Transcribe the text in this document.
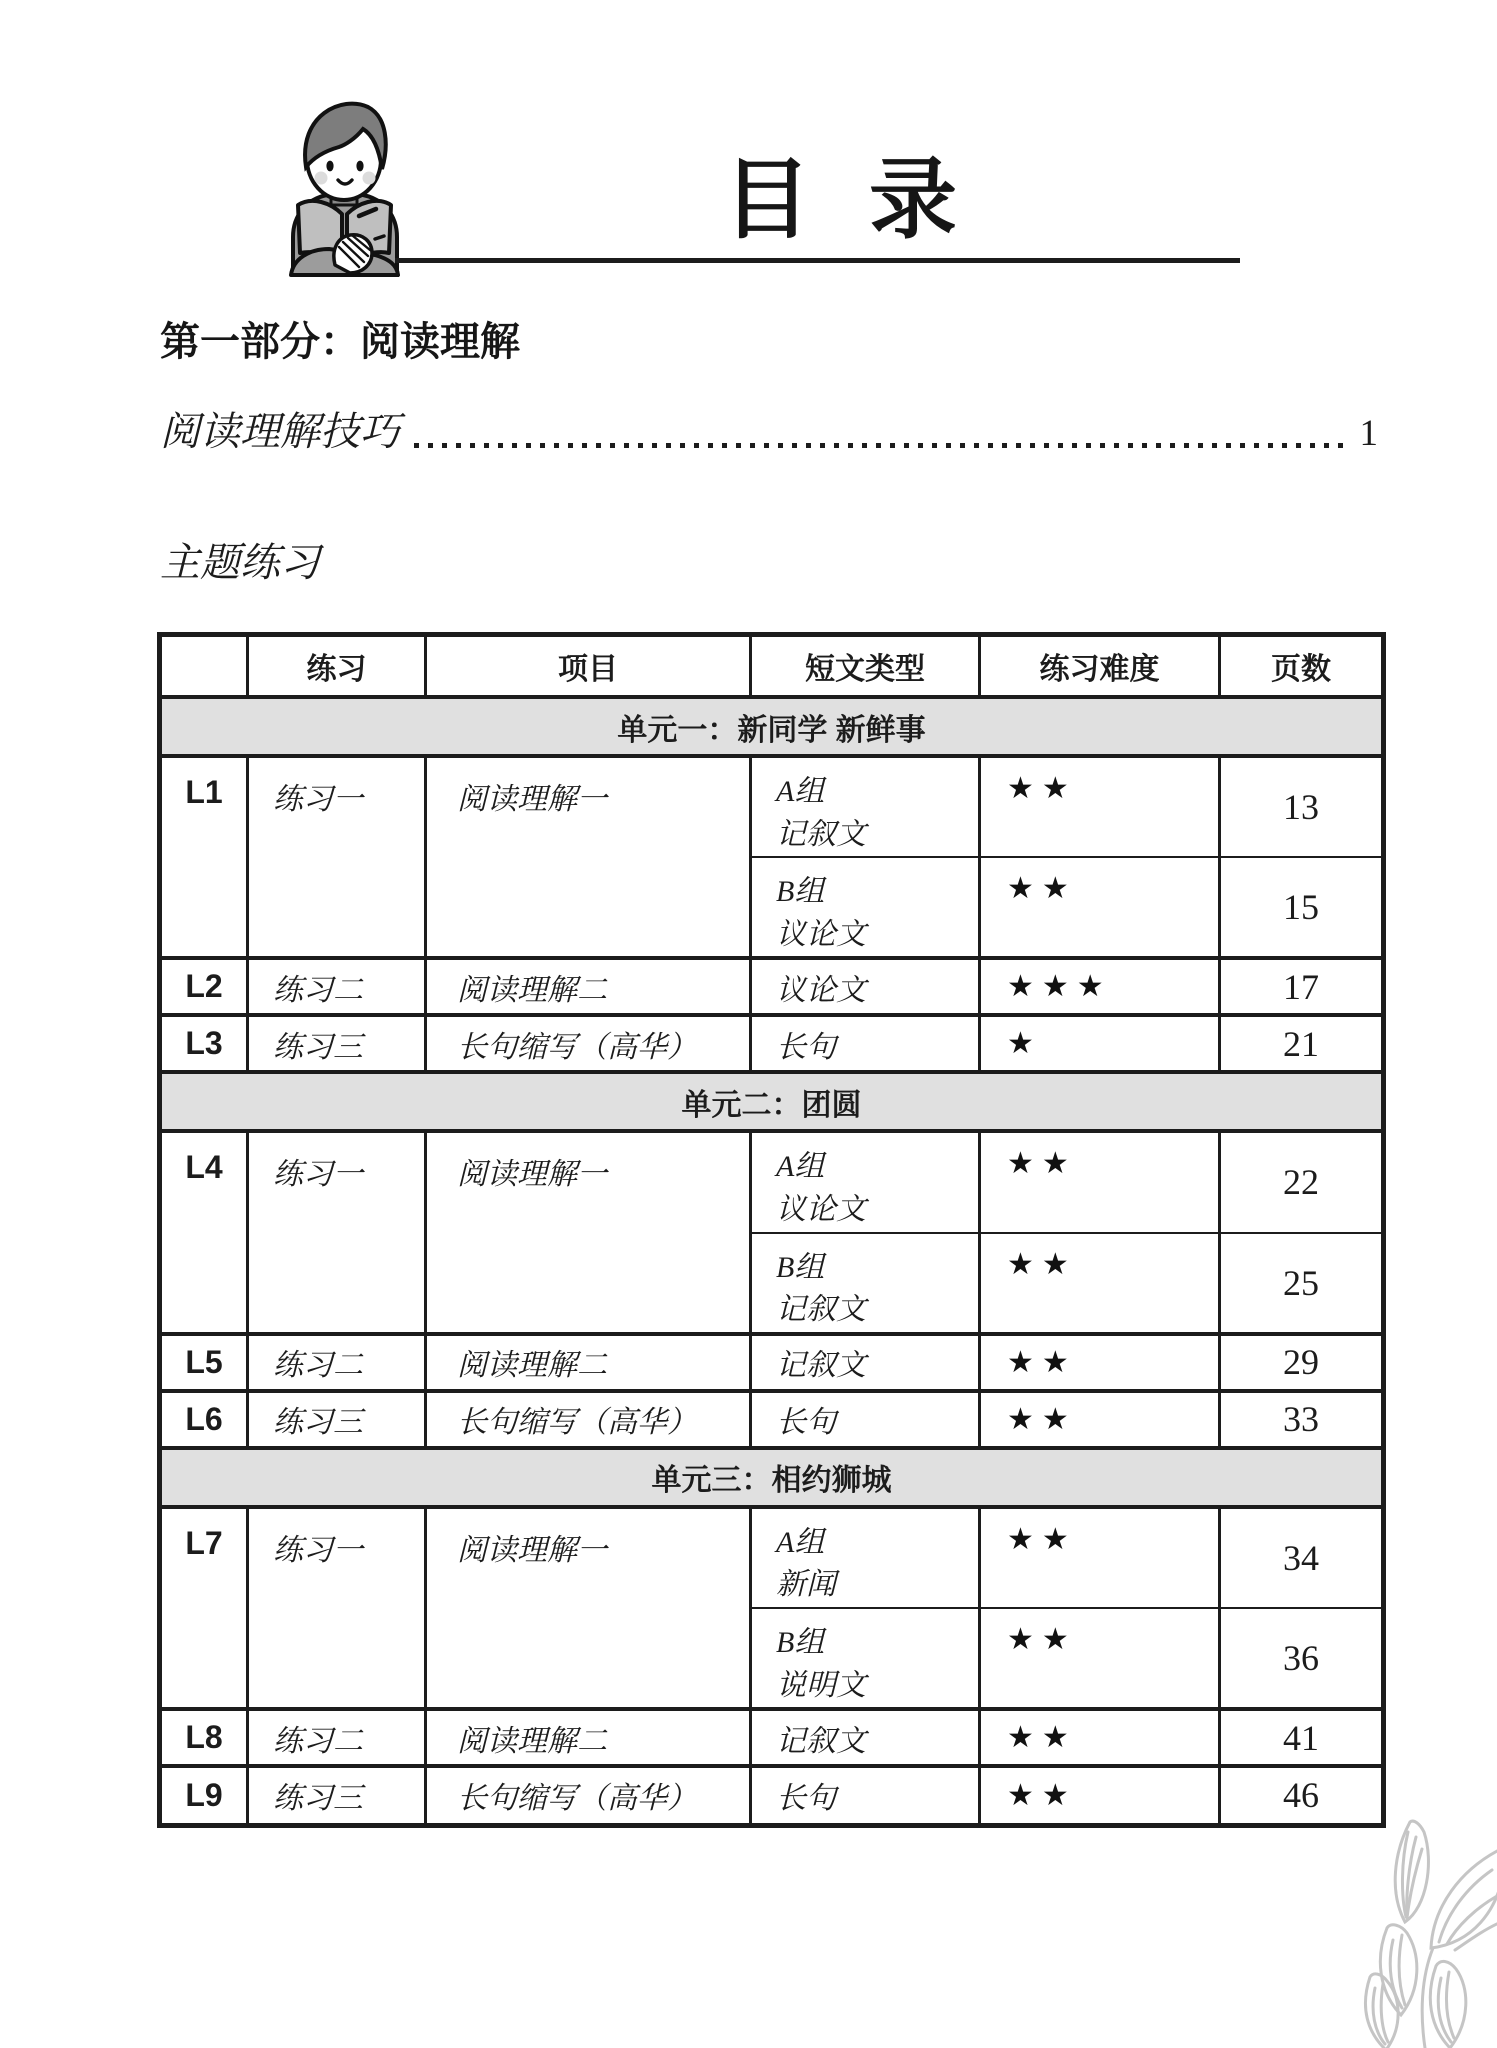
目 录
第一部分：阅读理解
阅读理解技巧	1
主题练习
	练习	项目	短文类型	练习难度	页数
单元一：新同学 新鲜事					
L1	练习一	阅读理解一	A组
记叙文	★★	13

			B组
议论文	★★	15
L2	练习二	阅读理解二	议论文	★★★	17
L3	练习三	长句缩写（高华）	长句	★	21
单元二：团圆					
L4	练习一	阅读理解一	A组
议论文	★★	22

			B组
记叙文	★★	25
L5	练习二	阅读理解二	记叙文	★★	29
L6	练习三	长句缩写（高华）	长句	★★	33
单元三：相约狮城					
L7	练习一	阅读理解一	A组
新闻	★★	34

			B组
说明文	★★	36
L8	练习二	阅读理解二	记叙文	★★	41
L9	练习三	长句缩写（高华）	长句	★★	46
